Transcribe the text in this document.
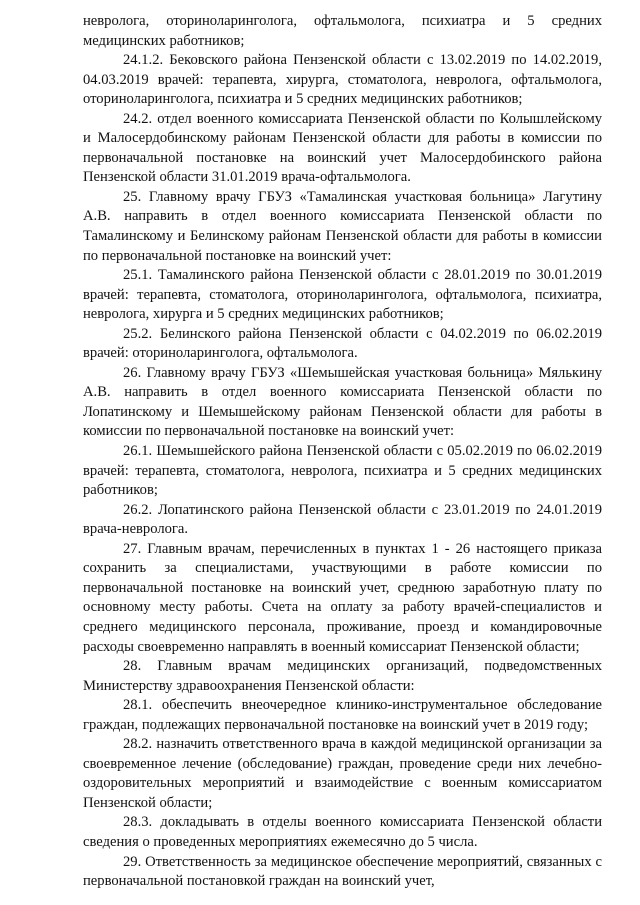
невролога, оториноларинголога, офтальмолога, психиатра и 5 средних медицинских работников;

24.1.2. Бековского района Пензенской области с 13.02.2019 по 14.02.2019, 04.03.2019 врачей: терапевта, хирурга, стоматолога, невролога, офтальмолога, оториноларинголога, психиатра и 5 средних медицинских работников;

24.2. отдел военного комиссариата Пензенской области по Колышлейскому и Малосердобинскому районам Пензенской области для работы в комиссии по первоначальной постановке на воинский учет Малосердобинского района Пензенской области 31.01.2019 врача-офтальмолога.

25. Главному врачу ГБУЗ «Тамалинская участковая больница» Лагутину А.В. направить в отдел военного комиссариата Пензенской области по Тамалинскому и Белинскому районам Пензенской области для работы в комиссии по первоначальной постановке на воинский учет:

25.1. Тамалинского района Пензенской области с 28.01.2019 по 30.01.2019 врачей: терапевта, стоматолога, оториноларинголога, офтальмолога, психиатра, невролога, хирурга и 5 средних медицинских работников;

25.2. Белинского района Пензенской области с 04.02.2019 по 06.02.2019 врачей: оториноларинголога, офтальмолога.

26. Главному врачу ГБУЗ «Шемышейская участковая больница» Мялькину А.В. направить в отдел военного комиссариата Пензенской области по Лопатинскому и Шемышейскому районам Пензенской области для работы в комиссии по первоначальной постановке на воинский учет:

26.1. Шемышейского района Пензенской области с 05.02.2019 по 06.02.2019 врачей: терапевта, стоматолога, невролога, психиатра и 5 средних медицинских работников;

26.2. Лопатинского района Пензенской области с 23.01.2019 по 24.01.2019 врача-невролога.

27. Главным врачам, перечисленных в пунктах 1 - 26 настоящего приказа сохранить за специалистами, участвующими в работе комиссии по первоначальной постановке на воинский учет, среднюю заработную плату по основному месту работы. Счета на оплату за работу врачей-специалистов и среднего медицинского персонала, проживание, проезд и командировочные расходы своевременно направлять в военный комиссариат Пензенской области;

28. Главным врачам медицинских организаций, подведомственных Министерству здравоохранения Пензенской области:

28.1. обеспечить внеочередное клинико-инструментальное обследование граждан, подлежащих первоначальной постановке на воинский учет в 2019 году;

28.2. назначить ответственного врача в каждой медицинской организации за своевременное лечение (обследование) граждан, проведение среди них лечебно-оздоровительных мероприятий и взаимодействие с военным комиссариатом Пензенской области;

28.3. докладывать в отделы военного комиссариата Пензенской области сведения о проведенных мероприятиях ежемесячно до 5 числа.

29. Ответственность за медицинское обеспечение мероприятий, связанных с первоначальной постановкой граждан на воинский учет,
